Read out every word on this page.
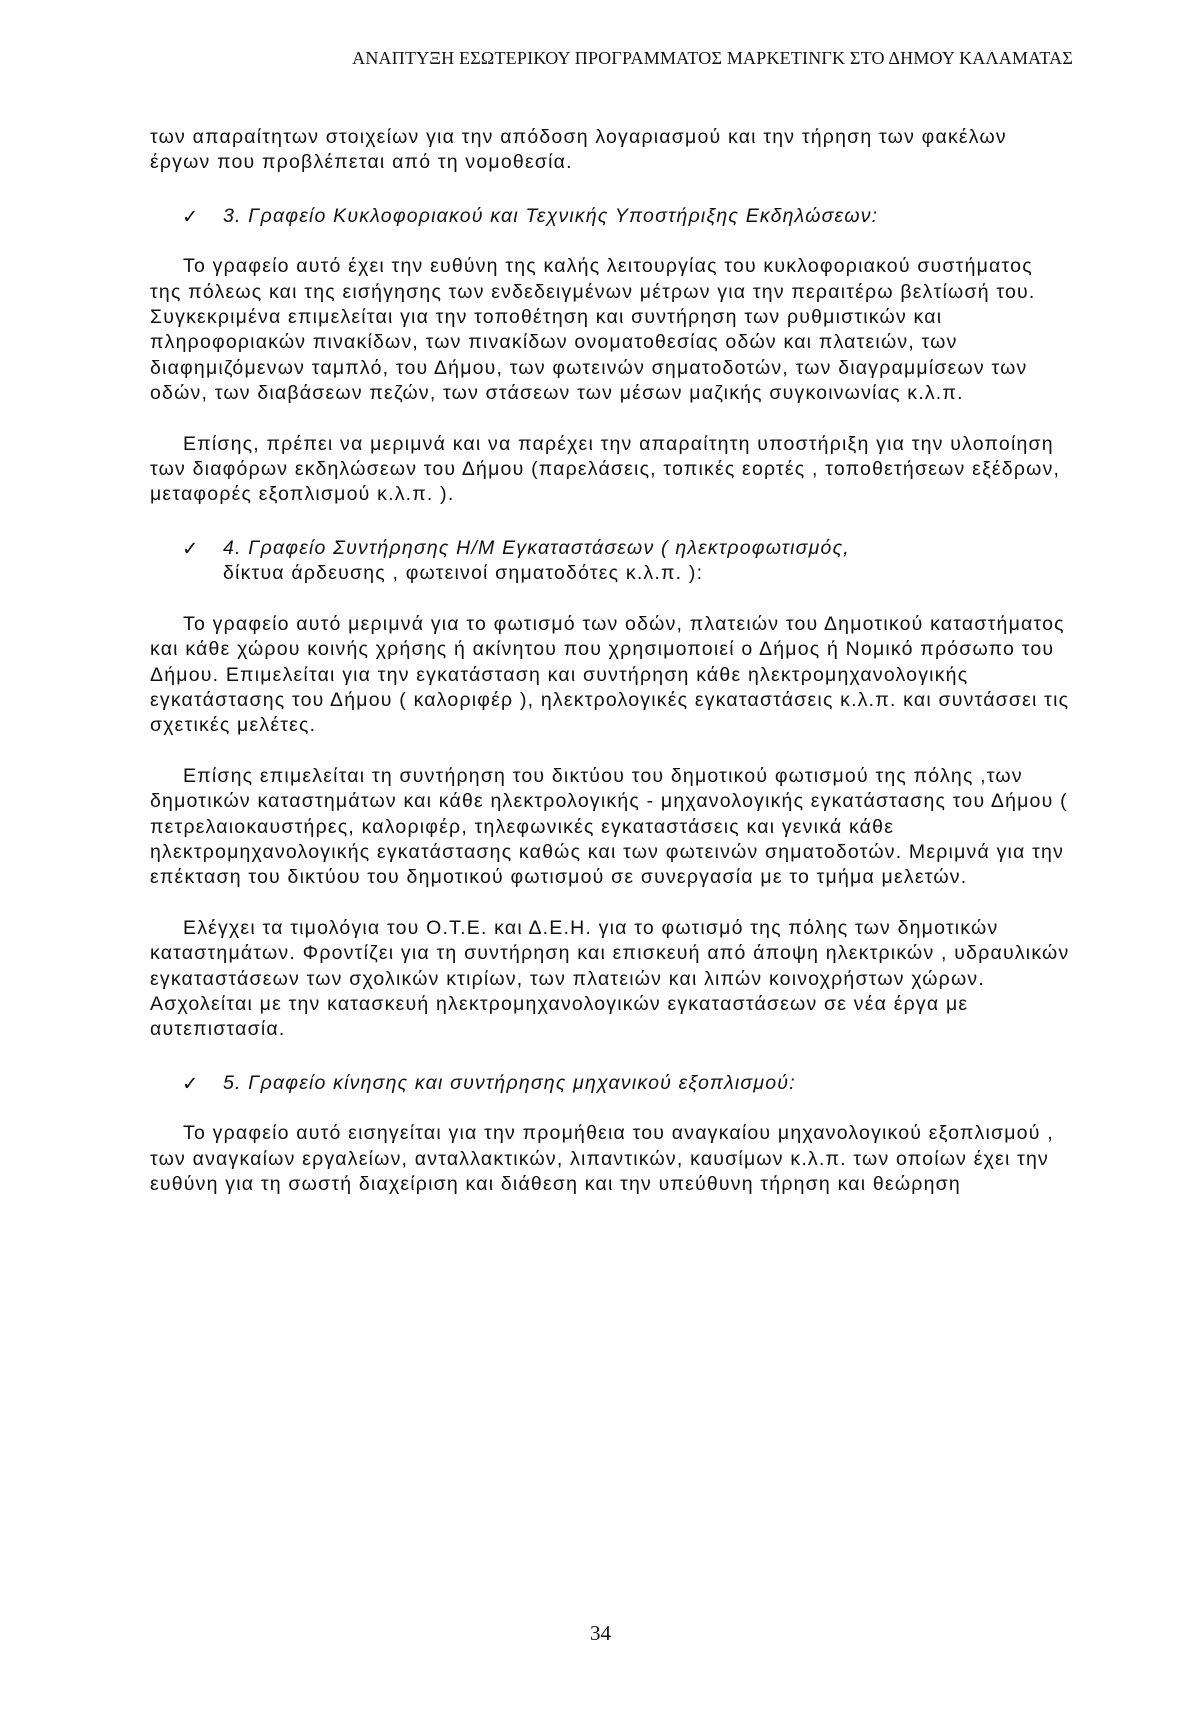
ΑΝΑΠΤΥΞΗ ΕΣΩΤΕΡΙΚΟΥ ΠΡΟΓΡΑΜΜΑΤΟΣ ΜΑΡΚΕΤΙΝΓΚ ΣΤΟ ΔΗΜΟΥ ΚΑΛΑΜΑΤΑΣ

των απαραίτητων στοιχείων για την απόδοση λογαριασμού και την τήρηση των φακέλων έργων που προβλέπεται από τη νομοθεσία.

✓ 3. Γραφείο Κυκλοφοριακού και Τεχνικής Υποστήριξης Εκδηλώσεων:

Το γραφείο αυτό έχει την ευθύνη της καλής λειτουργίας του κυκλοφοριακού συστήματος της πόλεως και της εισήγησης των ενδεδειγμένων μέτρων για την περαιτέρω βελτίωσή του. Συγκεκριμένα επιμελείται για την τοποθέτηση και συντήρηση των ρυθμιστικών και πληροφοριακών πινακίδων, των πινακίδων ονοματοθεσίας οδών και πλατειών, των διαφημιζόμενων ταμπλό, του Δήμου, των φωτεινών σηματοδοτών, των διαγραμμίσεων των οδών, των διαβάσεων πεζών, των στάσεων των μέσων μαζικής συγκοινωνίας κ.λ.π.

Επίσης, πρέπει να μεριμνά και να παρέχει την απαραίτητη υποστήριξη για την υλοποίηση των διαφόρων εκδηλώσεων του Δήμου (παρελάσεις, τοπικές εορτές , τοποθετήσεων εξέδρων, μεταφορές εξοπλισμού κ.λ.π. ).

✓ 4. Γραφείο Συντήρησης Η/Μ Εγκαταστάσεων ( ηλεκτροφωτισμός,
δίκτυα άρδευσης , φωτεινοί σηματοδότες κ.λ.π. ):

Το γραφείο αυτό μεριμνά για το φωτισμό των οδών, πλατειών του Δημοτικού καταστήματος και κάθε χώρου κοινής χρήσης ή ακίνητου που χρησιμοποιεί ο Δήμος ή Νομικό πρόσωπο του Δήμου. Επιμελείται για την εγκατάσταση και συντήρηση κάθε ηλεκτρομηχανολογικής εγκατάστασης του Δήμου ( καλοριφέρ ), ηλεκτρολογικές εγκαταστάσεις κ.λ.π. και συντάσσει τις σχετικές μελέτες.

Επίσης επιμελείται τη συντήρηση του δικτύου του δημοτικού φωτισμού της πόλης ,των δημοτικών καταστημάτων και κάθε ηλεκτρολογικής - μηχανολογικής εγκατάστασης του Δήμου ( πετρελαιοκαυστήρες, καλοριφέρ, τηλεφωνικές εγκαταστάσεις και γενικά κάθε ηλεκτρομηχανολογικής εγκατάστασης καθώς και των φωτεινών σηματοδοτών. Μεριμνά για την επέκταση του δικτύου του δημοτικού φωτισμού σε συνεργασία με το τμήμα μελετών.

Ελέγχει τα τιμολόγια του Ο.Τ.Ε. και Δ.Ε.Η. για το φωτισμό της πόλης των δημοτικών καταστημάτων. Φροντίζει για τη συντήρηση και επισκευή από άποψη ηλεκτρικών , υδραυλικών εγκαταστάσεων των σχολικών κτιρίων, των πλατειών και λιπών κοινοχρήστων χώρων. Ασχολείται με την κατασκευή ηλεκτρομηχανολογικών εγκαταστάσεων σε νέα έργα με αυτεπιστασία.

✓ 5. Γραφείο κίνησης και συντήρησης μηχανικού εξοπλισμού:

Το γραφείο αυτό εισηγείται για την προμήθεια του αναγκαίου μηχανολογικού εξοπλισμού , των αναγκαίων εργαλείων, ανταλλακτικών, λιπαντικών, καυσίμων κ.λ.π. των οποίων έχει την ευθύνη για τη σωστή διαχείριση και διάθεση και την υπεύθυνη τήρηση και θεώρηση

34
